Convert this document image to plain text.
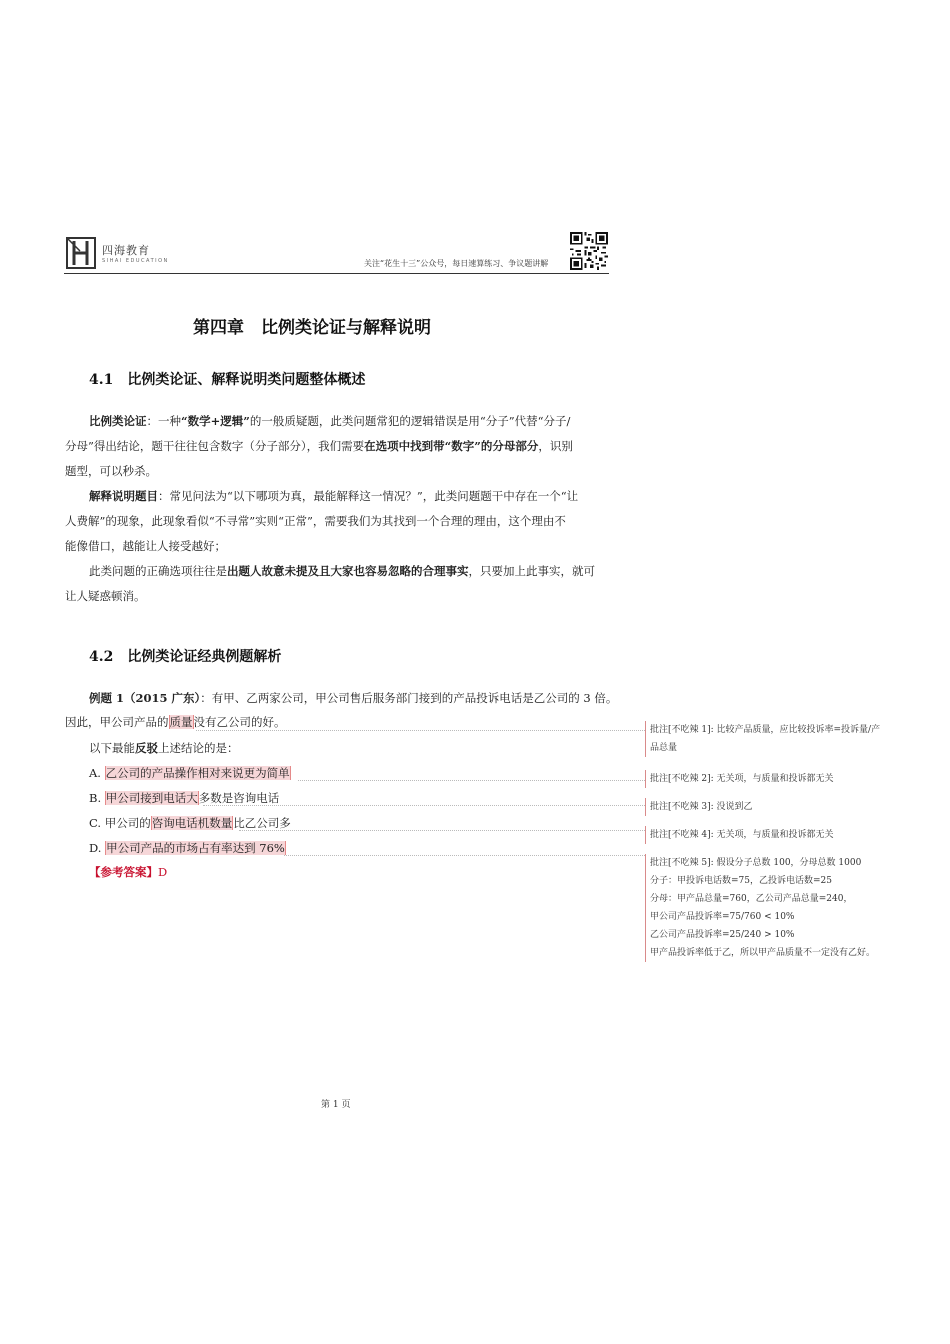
四海教育
SIHAI EDUCATION	关注“花生十三”公众号，每日速算练习、争议题讲解
第四章　比例类论证与解释说明
4.1　比例类论证、解释说明类问题整体概述
比例类论证：一种“数学+逻辑”的一般质疑题，此类问题常犯的逻辑错误是用“分子”代替“分子/
分母”得出结论，题干往往包含数字（分子部分），我们需要在选项中找到带“数字”的分母部分，识别
题型，可以秒杀。
解释说明题目：常见问法为“以下哪项为真，最能解释这一情况？”，此类问题题干中存在一个“让
人费解”的现象，此现象看似“不寻常”实则“正常”，需要我们为其找到一个合理的理由，这个理由不
能像借口，越能让人接受越好；
此类问题的正确选项往往是出题人故意未提及且大家也容易忽略的合理事实，只要加上此事实，就可
让人疑惑顿消。
4.2　比例类论证经典例题解析
例题 1（2015 广东）：有甲、乙两家公司，甲公司售后服务部门接到的产品投诉电话是乙公司的 3 倍。
因此，甲公司产品的质量没有乙公司的好。
以下最能反驳上述结论的是：
A. 乙公司的产品操作相对来说更为简单
B. 甲公司接到电话大多数是咨询电话
C. 甲公司的咨询电话机数量比乙公司多
D. 甲公司产品的市场占有率达到 76%
【参考答案】D
批注[不吃辣 1]: 比较产品质量，应比较投诉率=投诉量/产
品总量
批注[不吃辣 2]: 无关项，与质量和投诉都无关
批注[不吃辣 3]: 没说到乙
批注[不吃辣 4]: 无关项，与质量和投诉都无关
批注[不吃辣 5]: 假设分子总数 100，分母总数 1000
分子：甲投诉电话数=75，乙投诉电话数=25
分母：甲产品总量=760，乙公司产品总量=240，
甲公司产品投诉率=75/760 < 10%
乙公司产品投诉率=25/240 > 10%
甲产品投诉率低于乙，所以甲产品质量不一定没有乙好。
第 1 页
